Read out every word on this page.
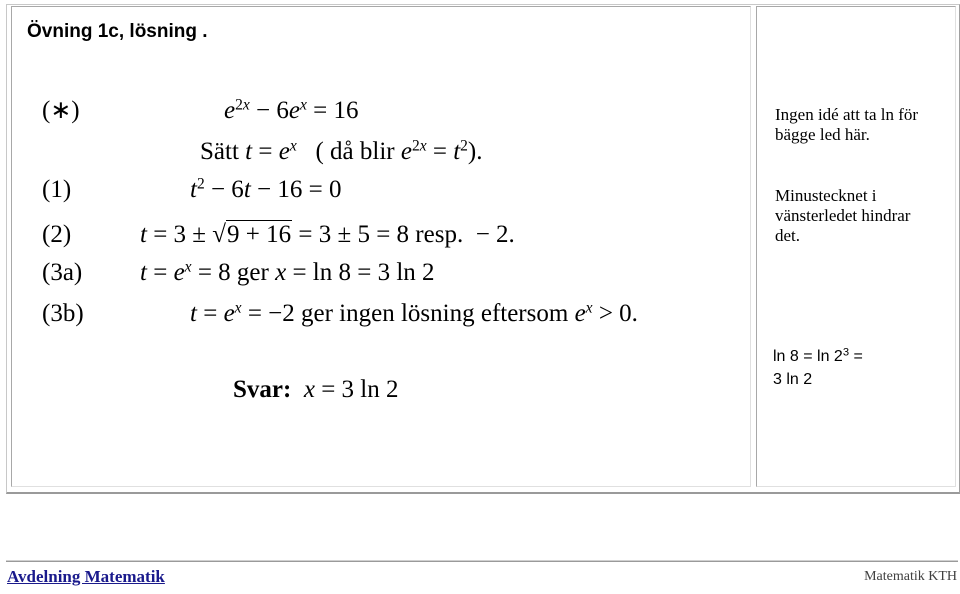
Övning 1c, lösning .
(∗)
(1)
(2)
(3a)
(3b)
$e^{2x} - 6e^x = 16$
Sätt $t = e^x$   ( då blir $e^{2x} = t^2$).
$t^2 - 6t - 16 = 0$
t = 3 ± √9 + 16 = 3 ± 5 = 8 resp.  − 2.
$t = e^x = 8$ ger x = ln 8 = 3 ln 2
$t = e^x = -2$ ger ingen lösning eftersom $e^x > 0$.
Svar: x = 3 ln 2
Ingen idé att ta ln för bägge led här.
Minustecknet i vänsterledet hindrar det.
$\ln 8 = \ln 2^3$ =
3 ln 2
Avdelning Matematik	Matematik KTH
